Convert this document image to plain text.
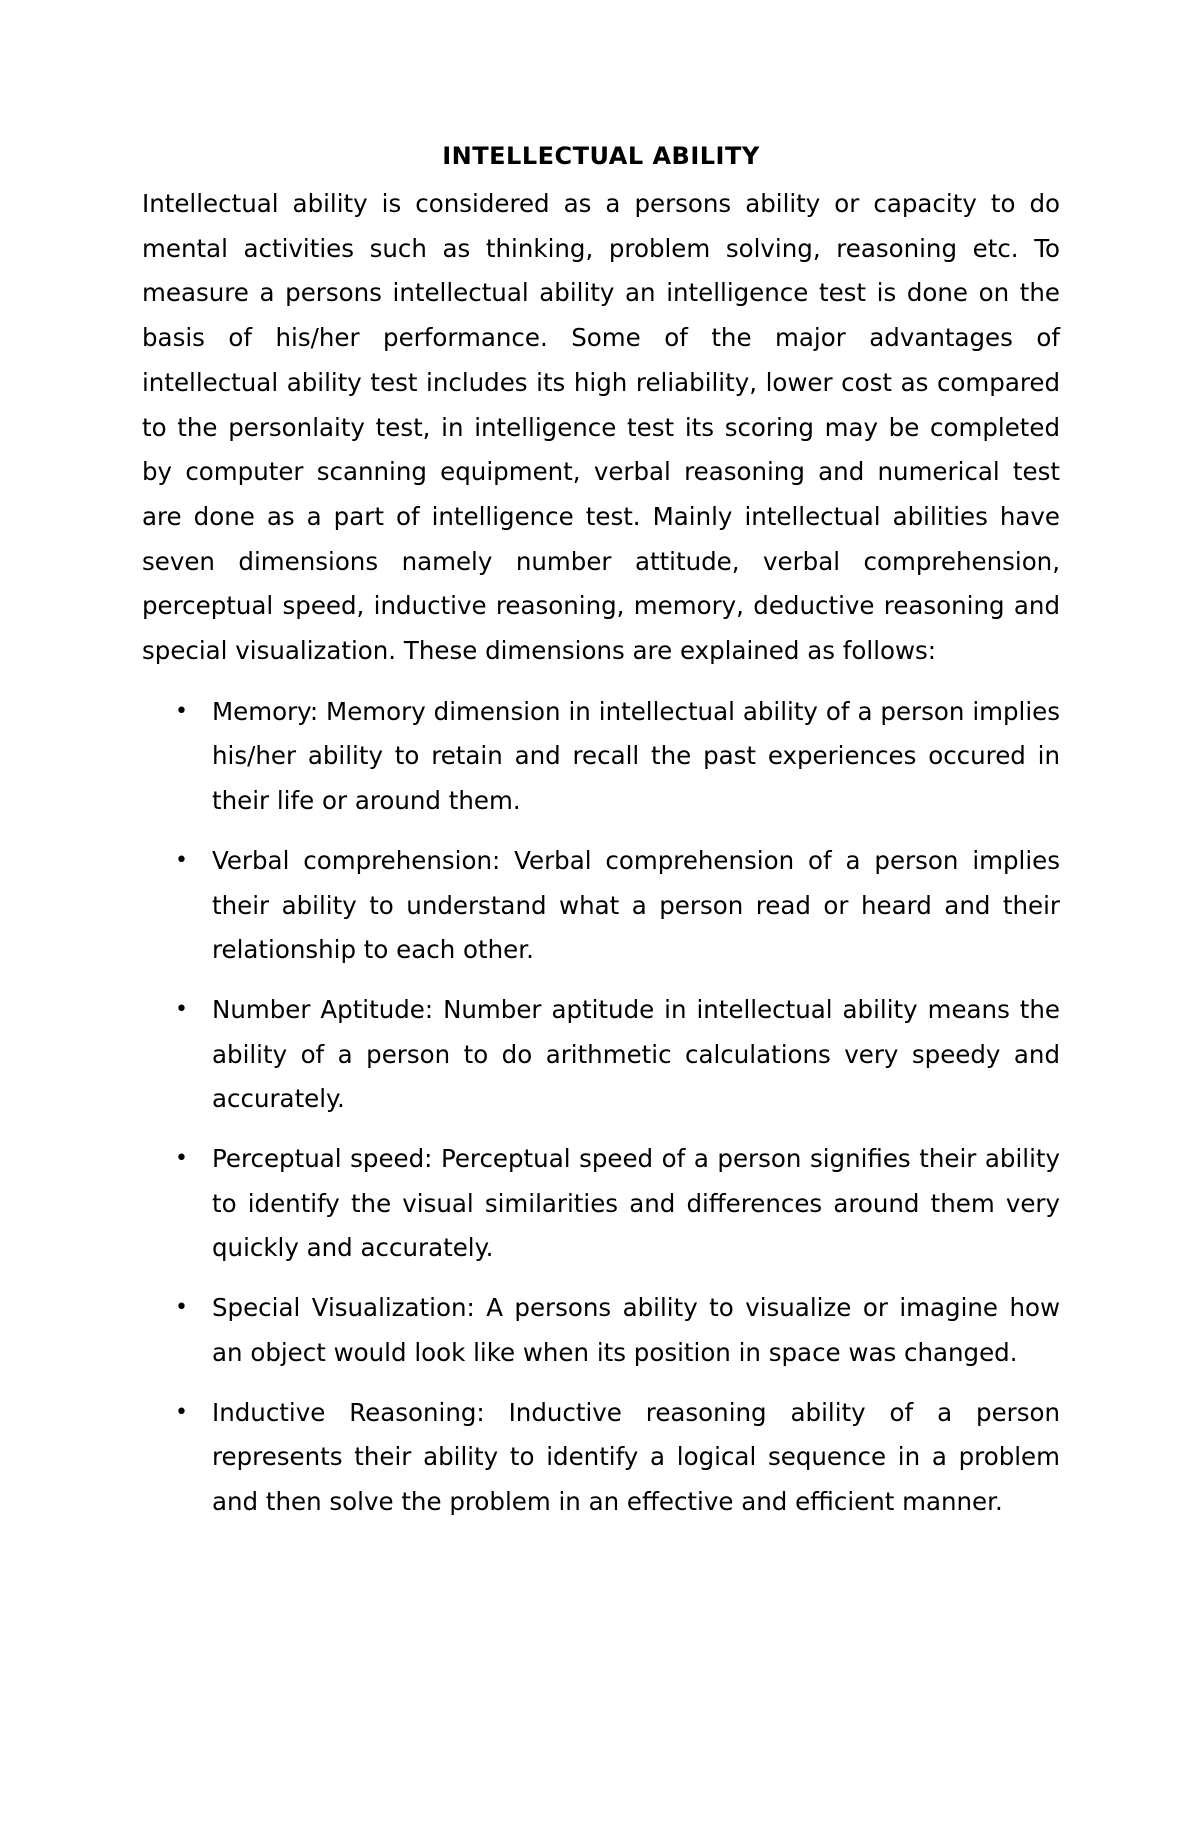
INTELLECTUAL ABILITY

Intellectual ability is considered as a persons ability or capacity to do mental activities such as thinking, problem solving, reasoning etc. To measure a persons intellectual ability an intelligence test is done on the basis of his/her performance. Some of the major advantages of intellectual ability test includes its high reliability, lower cost as compared to the personlaity test, in intelligence test its scoring may be completed by computer scanning equipment, verbal reasoning and numerical test are done as a part of intelligence test. Mainly intellectual abilities have seven dimensions namely number attitude, verbal comprehension, perceptual speed, inductive reasoning, memory, deductive reasoning and special visualization. These dimensions are explained as follows:

• Memory: Memory dimension in intellectual ability of a person implies his/her ability to retain and recall the past experiences occured in their life or around them.
• Verbal comprehension: Verbal comprehension of a person implies their ability to understand what a person read or heard and their relationship to each other.
• Number Aptitude: Number aptitude in intellectual ability means the ability of a person to do arithmetic calculations very speedy and accurately.
• Perceptual speed: Perceptual speed of a person signifies their ability to identify the visual similarities and differences around them very quickly and accurately.
• Special Visualization: A persons ability to visualize or imagine how an object would look like when its position in space was changed.
• Inductive Reasoning: Inductive reasoning ability of a person represents their ability to identify a logical sequence in a problem and then solve the problem in an effective and efficient manner.
